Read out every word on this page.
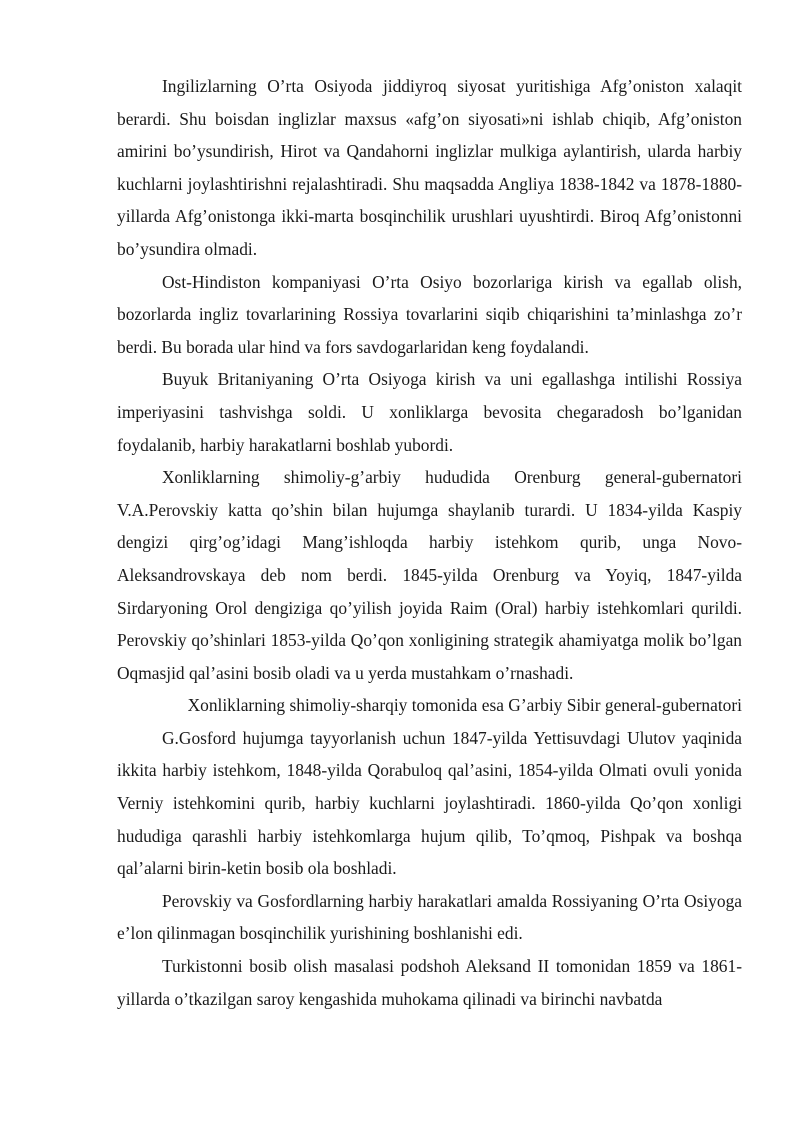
Ingilizlarning O’rta Osiyoda jiddiyroq siyosat yuritishiga Afg’oniston xalaqit berardi. Shu boisdan inglizlar maxsus «afg’on siyosati»ni ishlab chiqib, Afg’oniston amirini bo’ysundirish, Hirot va Qandahorni inglizlar mulkiga aylantirish, ularda harbiy kuchlarni joylashtirishni rejalashtiradi. Shu maqsadda Angliya 1838-1842 va 1878-1880-yillarda Afg’onistonga ikki-marta bosqinchilik urushlari uyushtirdi. Biroq Afg’onistonni bo’ysundira olmadi.

Ost-Hindiston kompaniyasi O’rta Osiyo bozorlariga kirish va egallab olish, bozorlarda ingliz tovarlarining Rossiya tovarlarini siqib chiqarishini ta’minlashga zo’r berdi. Bu borada ular hind va fors savdogarlaridan keng foydalandi.

Buyuk Britaniyaning O’rta Osiyoga kirish va uni egallashga intilishi Rossiya imperiyasini tashvishga soldi. U xonliklarga bevosita chegaradosh bo’lganidan foydalanib, harbiy harakatlarni boshlab yubordi.

Xonliklarning shimoliy-g’arbiy hududida Orenburg general-gubernatori V.A.Perovskiy katta qo’shin bilan hujumga shaylanib turardi. U 1834-yilda Kaspiy dengizi qirg’og’idagi Mang’ishloqda harbiy istehkom qurib, unga Novo-Aleksandrovskaya deb nom berdi. 1845-yilda Orenburg va Yoyiq, 1847-yilda Sirdaryoning Orol dengiziga qo’yilish joyida Raim (Oral) harbiy istehkomlari qurildi. Perovskiy qo’shinlari 1853-yilda Qo’qon xonligining strategik ahamiyatga molik bo’lgan Oqmasjid qal’asini bosib oladi va u yerda mustahkam o’rnashadi.

Xonliklarning shimoliy-sharqiy tomonida esa G’arbiy Sibir general-gubernatori

G.Gosford hujumga tayyorlanish uchun 1847-yilda Yettisuvdagi Ulutov yaqinida ikkita harbiy istehkom, 1848-yilda Qorabuloq qal’asini, 1854-yilda Olmati ovuli yonida Verniy istehkomini qurib, harbiy kuchlarni joylashtiradi. 1860-yilda Qo’qon xonligi hududiga qarashli harbiy istehkomlarga hujum qilib, To’qmoq, Pishpak va boshqa qal’alarni birin-ketin bosib ola boshladi.

Perovskiy va Gosfordlarning harbiy harakatlari amalda Rossiyaning O’rta Osiyoga e’lon qilinmagan bosqinchilik yurishining boshlanishi edi.

Turkistonni bosib olish masalasi podshoh Aleksand II tomonidan 1859 va 1861-yillarda o’tkazilgan saroy kengashida muhokama qilinadi va birinchi navbatda
